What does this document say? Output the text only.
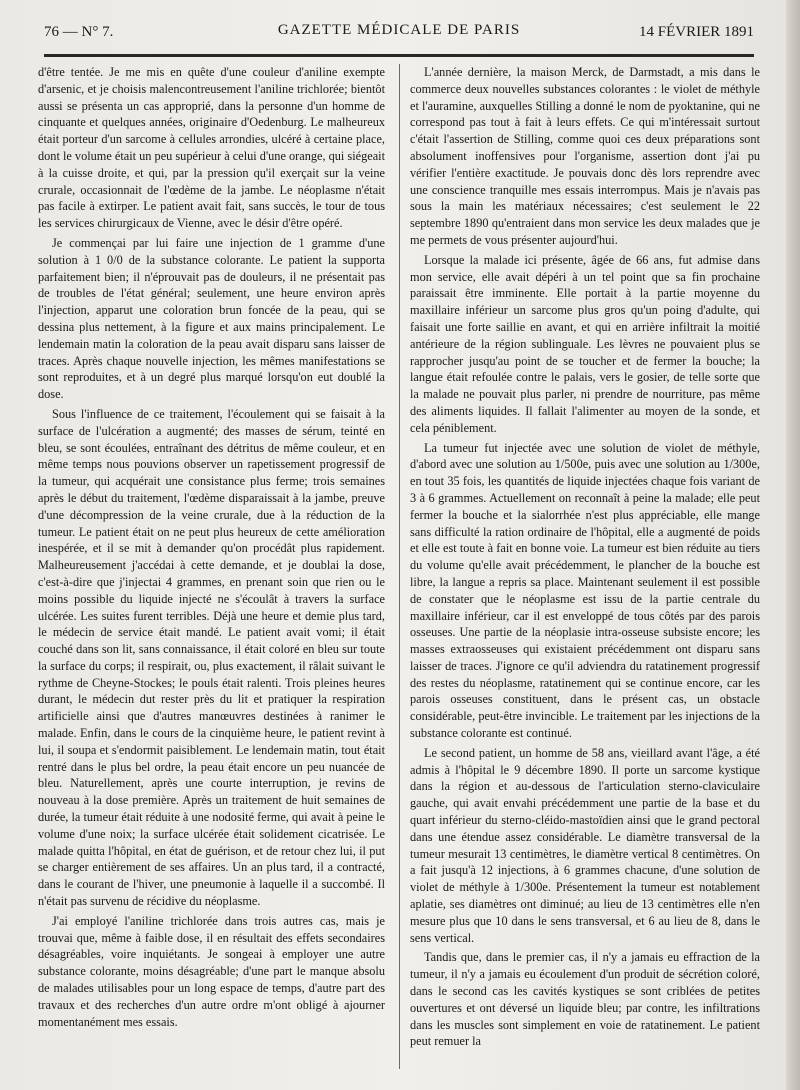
76 — N° 7.	GAZETTE MÉDICALE DE PARIS	14 FÉVRIER 1891

d'être tentée. Je me mis en quête d'une couleur d'aniline exempte d'arsenic, et je choisis malencontreusement l'aniline trichlorée; bientôt aussi se présenta un cas approprié, dans la personne d'un homme de cinquante et quelques années, originaire d'Oedenburg. Le malheureux était porteur d'un sarcome à cellules arrondies, ulcéré à certaine place, dont le volume était un peu supérieur à celui d'une orange, qui siégeait à la cuisse droite, et qui, par la pression qu'il exerçait sur la veine crurale, occasionnait de l'œdème de la jambe. Le néoplasme n'était pas facile à extirper. Le patient avait fait, sans succès, le tour de tous les services chirurgicaux de Vienne, avec le désir d'être opéré.

Je commençai par lui faire une injection de 1 gramme d'une solution à 1 0/0 de la substance colorante. Le patient la supporta parfaitement bien; il n'éprouvait pas de douleurs, il ne présentait pas de troubles de l'état général; seulement, une heure environ après l'injection, apparut une coloration brun foncée de la peau, qui se dessina plus nettement, à la figure et aux mains principalement. Le lendemain matin la coloration de la peau avait disparu sans laisser de traces. Après chaque nouvelle injection, les mêmes manifestations se sont reproduites, et à un degré plus marqué lorsqu'on eut doublé la dose.

Sous l'influence de ce traitement, l'écoulement qui se faisait à la surface de l'ulcération a augmenté; des masses de sérum, teinté en bleu, se sont écoulées, entraînant des détritus de même couleur, et en même temps nous pouvions observer un rapetissement progressif de la tumeur, qui acquérait une consistance plus ferme; trois semaines après le début du traitement, l'œdème disparaissait à la jambe, preuve d'une décompression de la veine crurale, due à la réduction de la tumeur. Le patient était on ne peut plus heureux de cette amélioration inespérée, et il se mit à demander qu'on procédât plus rapidement. Malheureusement j'accédai à cette demande, et je doublai la dose, c'est-à-dire que j'injectai 4 grammes, en prenant soin que rien ou le moins possible du liquide injecté ne s'écoulât à travers la surface ulcérée. Les suites furent terribles. Déjà une heure et demie plus tard, le médecin de service était mandé. Le patient avait vomi; il était couché dans son lit, sans connaissance, il était coloré en bleu sur toute la surface du corps; il respirait, ou, plus exactement, il râlait suivant le rythme de Cheyne-Stockes; le pouls était ralenti. Trois pleines heures durant, le médecin dut rester près du lit et pratiquer la respiration artificielle ainsi que d'autres manœuvres destinées à ranimer le malade. Enfin, dans le cours de la cinquième heure, le patient revint à lui, il soupa et s'endormit paisiblement. Le lendemain matin, tout était rentré dans le plus bel ordre, la peau était encore un peu nuancée de bleu. Naturellement, après une courte interruption, je revins de nouveau à la dose première. Après un traitement de huit semaines de durée, la tumeur était réduite à une nodosité ferme, qui avait à peine le volume d'une noix; la surface ulcérée était solidement cicatrisée. Le malade quitta l'hôpital, en état de guérison, et de retour chez lui, il put se charger entièrement de ses affaires. Un an plus tard, il a contracté, dans le courant de l'hiver, une pneumonie à laquelle il a succombé. Il n'était pas survenu de récidive du néoplasme.

J'ai employé l'aniline trichlorée dans trois autres cas, mais je trouvai que, même à faible dose, il en résultait des effets secondaires désagréables, voire inquiétants. Je songeai à employer une autre substance colorante, moins désagréable; d'une part le manque absolu de malades utilisables pour un long espace de temps, d'autre part des travaux et des recherches d'un autre ordre m'ont obligé à ajourner momentanément mes essais.

L'année dernière, la maison Merck, de Darmstadt, a mis dans le commerce deux nouvelles substances colorantes : le violet de méthyle et l'auramine, auxquelles Stilling a donné le nom de pyoktanine, qui ne correspond pas tout à fait à leurs effets. Ce qui m'intéressait surtout c'était l'assertion de Stilling, comme quoi ces deux préparations sont absolument inoffensives pour l'organisme, assertion dont j'ai pu vérifier l'entière exactitude. Je pouvais donc dès lors reprendre avec une conscience tranquille mes essais interrompus. Mais je n'avais pas sous la main les matériaux nécessaires; c'est seulement le 22 septembre 1890 qu'entraient dans mon service les deux malades que je me permets de vous présenter aujourd'hui.

Lorsque la malade ici présente, âgée de 66 ans, fut admise dans mon service, elle avait dépéri à un tel point que sa fin prochaine paraissait être imminente. Elle portait à la partie moyenne du maxillaire inférieur un sarcome plus gros qu'un poing d'adulte, qui faisait une forte saillie en avant, et qui en arrière infiltrait la moitié antérieure de la région sublinguale. Les lèvres ne pouvaient plus se rapprocher jusqu'au point de se toucher et de fermer la bouche; la langue était refoulée contre le palais, vers le gosier, de telle sorte que la malade ne pouvait plus parler, ni prendre de nourriture, pas même des aliments liquides. Il fallait l'alimenter au moyen de la sonde, et cela péniblement.

La tumeur fut injectée avec une solution de violet de méthyle, d'abord avec une solution au 1/500e, puis avec une solution au 1/300e, en tout 35 fois, les quantités de liquide injectées chaque fois variant de 3 à 6 grammes. Actuellement on reconnaît à peine la malade; elle peut fermer la bouche et la sialorrhée n'est plus appréciable, elle mange sans difficulté la ration ordinaire de l'hôpital, elle a augmenté de poids et elle est toute à fait en bonne voie. La tumeur est bien réduite au tiers du volume qu'elle avait précédemment, le plancher de la bouche est libre, la langue a repris sa place. Maintenant seulement il est possible de constater que le néoplasme est issu de la partie centrale du maxillaire inférieur, car il est enveloppé de tous côtés par des parois osseuses. Une partie de la néoplasie intra-osseuse subsiste encore; les masses extraosseuses qui existaient précédemment ont disparu sans laisser de traces. J'ignore ce qu'il adviendra du ratatinement progressif des restes du néoplasme, ratatinement qui se continue encore, car les parois osseuses constituent, dans le présent cas, un obstacle considérable, peut-être invincible. Le traitement par les injections de la substance colorante est continué.

Le second patient, un homme de 58 ans, vieillard avant l'âge, a été admis à l'hôpital le 9 décembre 1890. Il porte un sarcome kystique dans la région et au-dessous de l'articulation sterno-claviculaire gauche, qui avait envahi précédemment une partie de la base et du quart inférieur du sterno-cléido-mastoïdien ainsi que le grand pectoral dans une étendue assez considérable. Le diamètre transversal de la tumeur mesurait 13 centimètres, le diamètre vertical 8 centimètres. On a fait jusqu'à 12 injections, à 6 grammes chacune, d'une solution de violet de méthyle à 1/300e. Présentement la tumeur est notablement aplatie, ses diamètres ont diminué; au lieu de 13 centimètres elle n'en mesure plus que 10 dans le sens transversal, et 6 au lieu de 8, dans le sens vertical.

Tandis que, dans le premier cas, il n'y a jamais eu effraction de la tumeur, il n'y a jamais eu écoulement d'un produit de sécrétion coloré, dans le second cas les cavités kystiques se sont criblées de petites ouvertures et ont déversé un liquide bleu; par contre, les infiltrations dans les muscles sont simplement en voie de ratatinement. Le patient peut remuer la
